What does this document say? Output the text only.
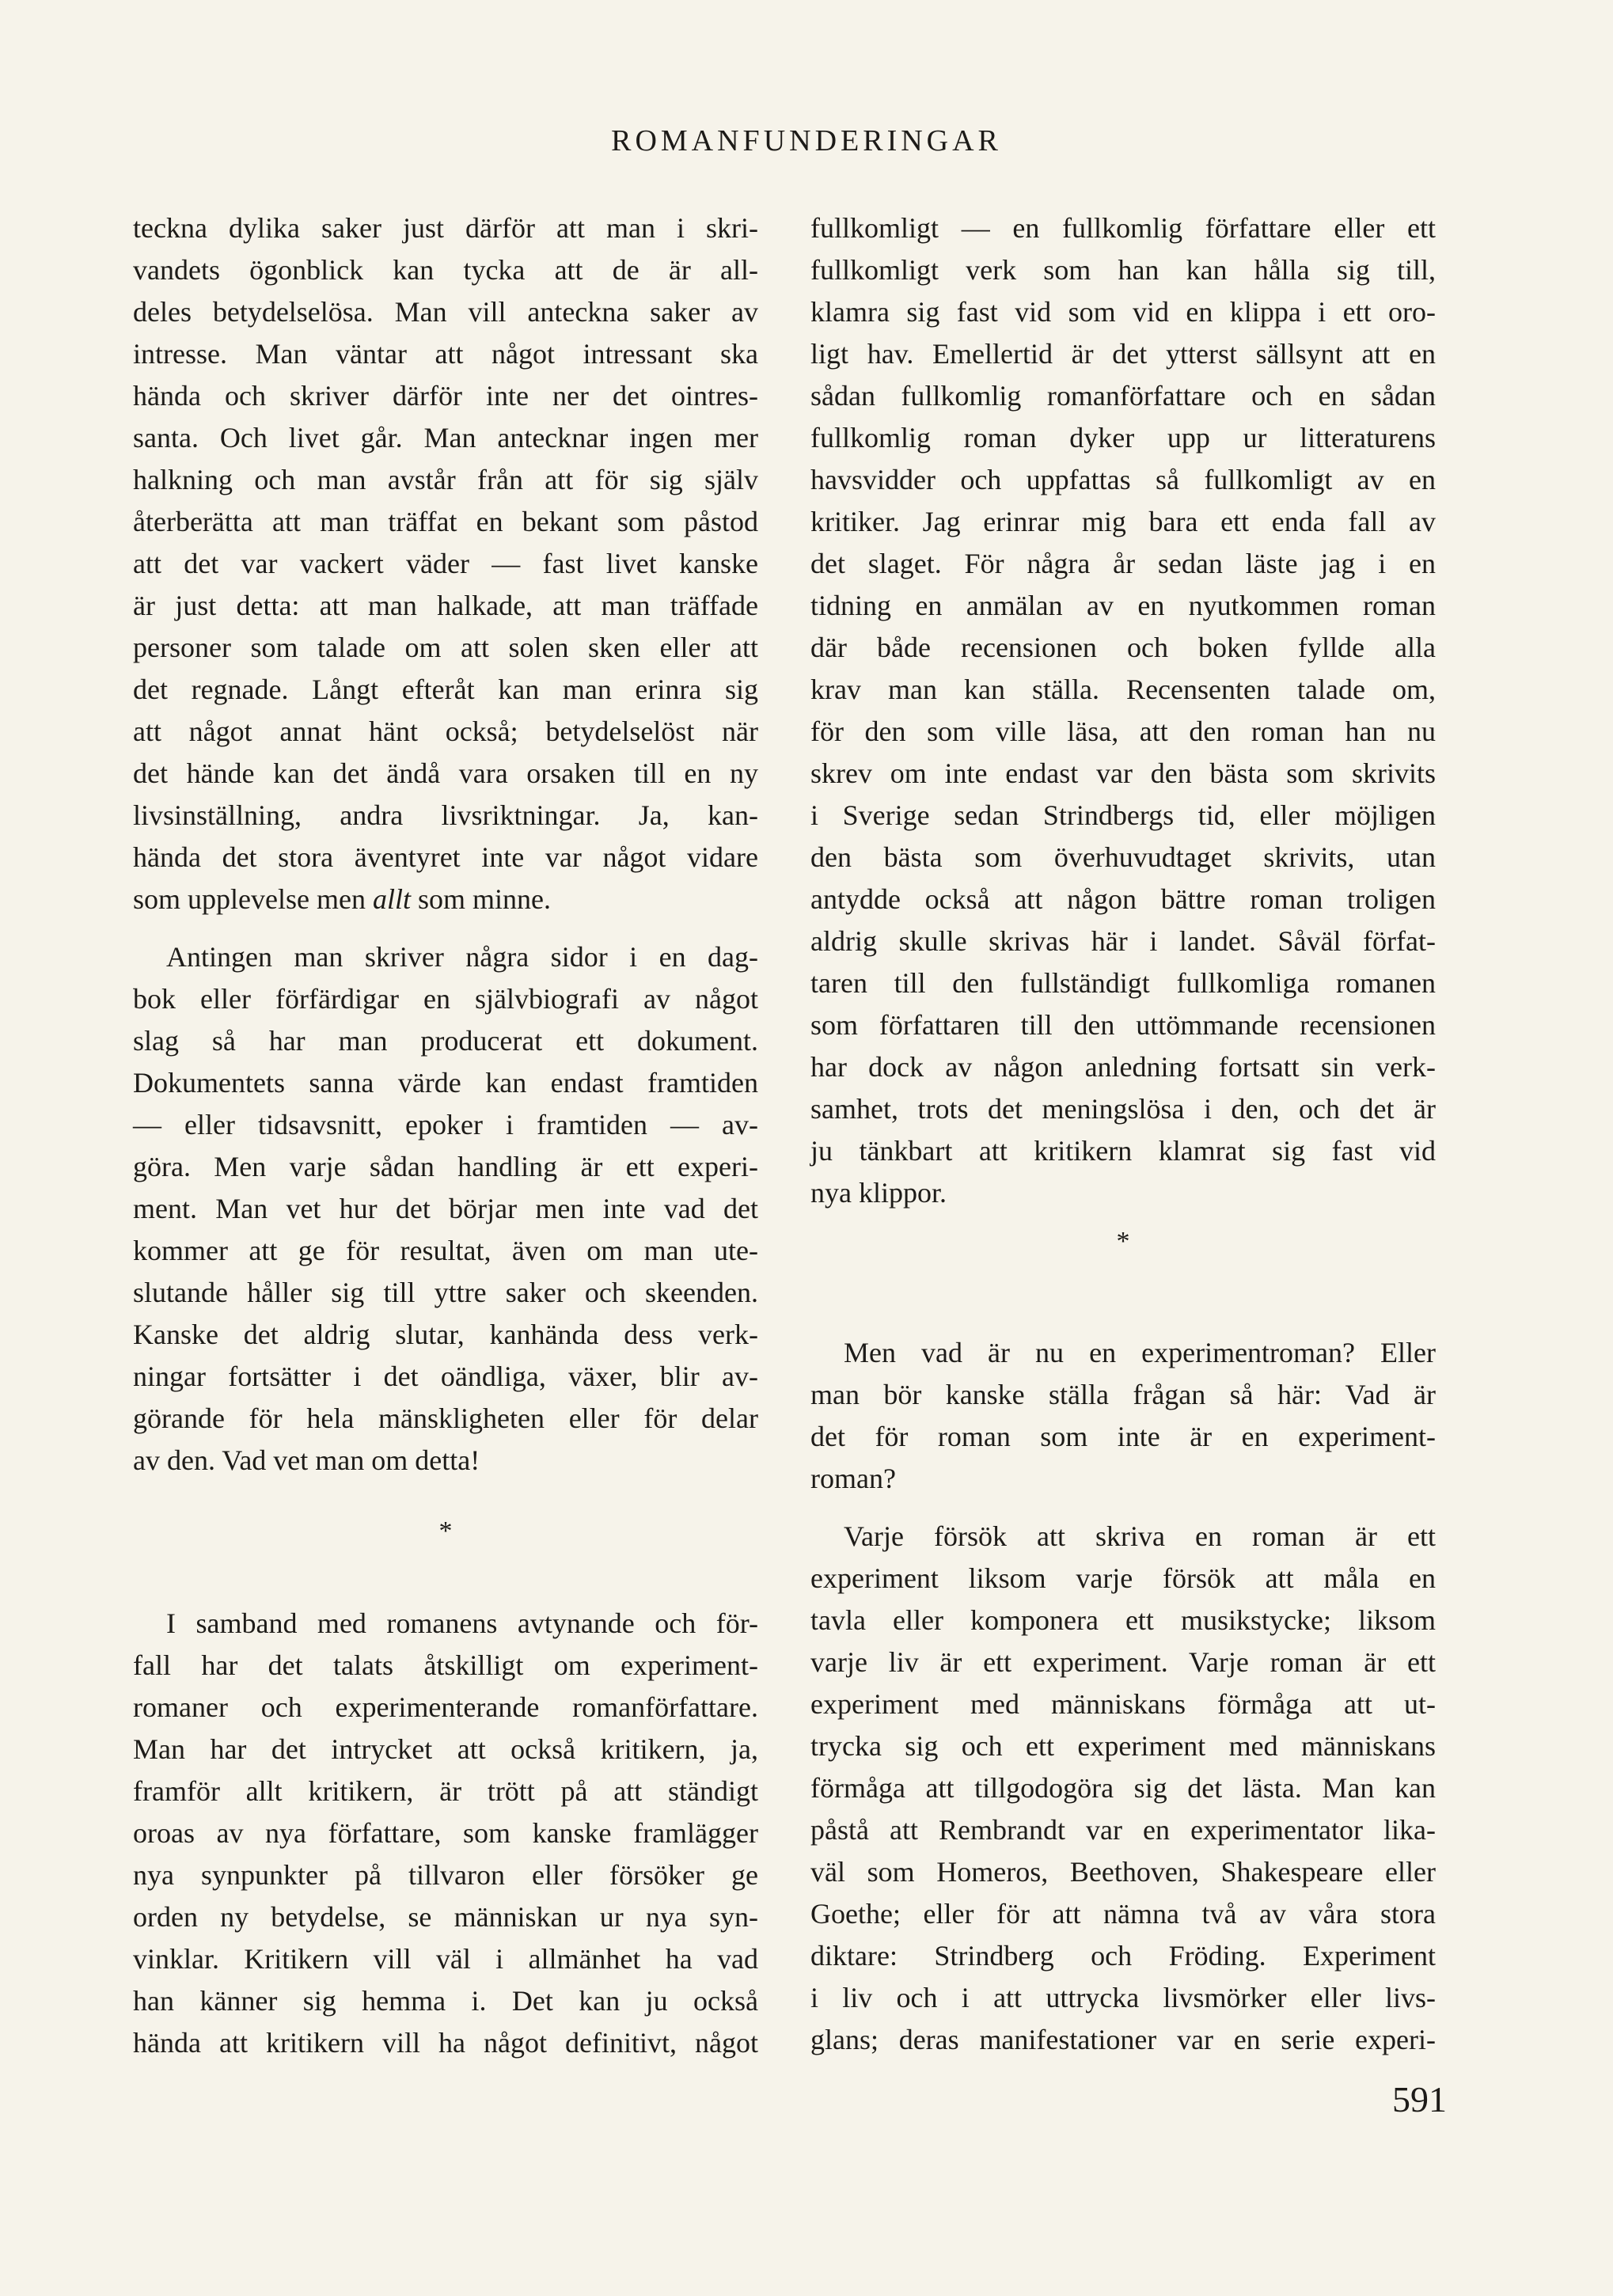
ROMANFUNDERINGAR
teckna dylika saker just därför att man i skri-
vandets ögonblick kan tycka att de är all-
deles betydelselösa. Man vill anteckna saker av
intresse. Man väntar att något intressant ska
hända och skriver därför inte ner det ointres-
santa. Och livet går. Man antecknar ingen mer
halkning och man avstår från att för sig själv
återberätta att man träffat en bekant som påstod
att det var vackert väder — fast livet kanske
är just detta: att man halkade, att man träffade
personer som talade om att solen sken eller att
det regnade. Långt efteråt kan man erinra sig
att något annat hänt också; betydelselöst när
det hände kan det ändå vara orsaken till en ny
livsinställning, andra livsriktningar. Ja, kan-
hända det stora äventyret inte var något vidare
som upplevelse men allt som minne.
Antingen man skriver några sidor i en dag-
bok eller förfärdigar en självbiografi av något
slag så har man producerat ett dokument.
Dokumentets sanna värde kan endast framtiden
— eller tidsavsnitt, epoker i framtiden — av-
göra. Men varje sådan handling är ett experi-
ment. Man vet hur det börjar men inte vad det
kommer att ge för resultat, även om man ute-
slutande håller sig till yttre saker och skeenden.
Kanske det aldrig slutar, kanhända dess verk-
ningar fortsätter i det oändliga, växer, blir av-
görande för hela mänskligheten eller för delar
av den. Vad vet man om detta!
*
I samband med romanens avtynande och för-
fall har det talats åtskilligt om experiment-
romaner och experimenterande romanförfattare.
Man har det intrycket att också kritikern, ja,
framför allt kritikern, är trött på att ständigt
oroas av nya författare, som kanske framlägger
nya synpunkter på tillvaron eller försöker ge
orden ny betydelse, se människan ur nya syn-
vinklar. Kritikern vill väl i allmänhet ha vad
han känner sig hemma i. Det kan ju också
hända att kritikern vill ha något definitivt, något
fullkomligt — en fullkomlig författare eller ett
fullkomligt verk som han kan hålla sig till,
klamra sig fast vid som vid en klippa i ett oro-
ligt hav. Emellertid är det ytterst sällsynt att en
sådan fullkomlig romanförfattare och en sådan
fullkomlig roman dyker upp ur litteraturens
havsvidder och uppfattas så fullkomligt av en
kritiker. Jag erinrar mig bara ett enda fall av
det slaget. För några år sedan läste jag i en
tidning en anmälan av en nyutkommen roman
där både recensionen och boken fyllde alla
krav man kan ställa. Recensenten talade om,
för den som ville läsa, att den roman han nu
skrev om inte endast var den bästa som skrivits
i Sverige sedan Strindbergs tid, eller möjligen
den bästa som överhuvudtaget skrivits, utan
antydde också att någon bättre roman troligen
aldrig skulle skrivas här i landet. Såväl förfat-
taren till den fullständigt fullkomliga romanen
som författaren till den uttömmande recensionen
har dock av någon anledning fortsatt sin verk-
samhet, trots det meningslösa i den, och det är
ju tänkbart att kritikern klamrat sig fast vid
nya klippor.
*
Men vad är nu en experimentroman? Eller
man bör kanske ställa frågan så här: Vad är
det för roman som inte är en experiment-
roman?
Varje försök att skriva en roman är ett
experiment liksom varje försök att måla en
tavla eller komponera ett musikstycke; liksom
varje liv är ett experiment. Varje roman är ett
experiment med människans förmåga att ut-
trycka sig och ett experiment med människans
förmåga att tillgodogöra sig det lästa. Man kan
påstå att Rembrandt var en experimentator lika-
väl som Homeros, Beethoven, Shakespeare eller
Goethe; eller för att nämna två av våra stora
diktare: Strindberg och Fröding. Experiment
i liv och i att uttrycka livsmörker eller livs-
glans; deras manifestationer var en serie experi-
591
